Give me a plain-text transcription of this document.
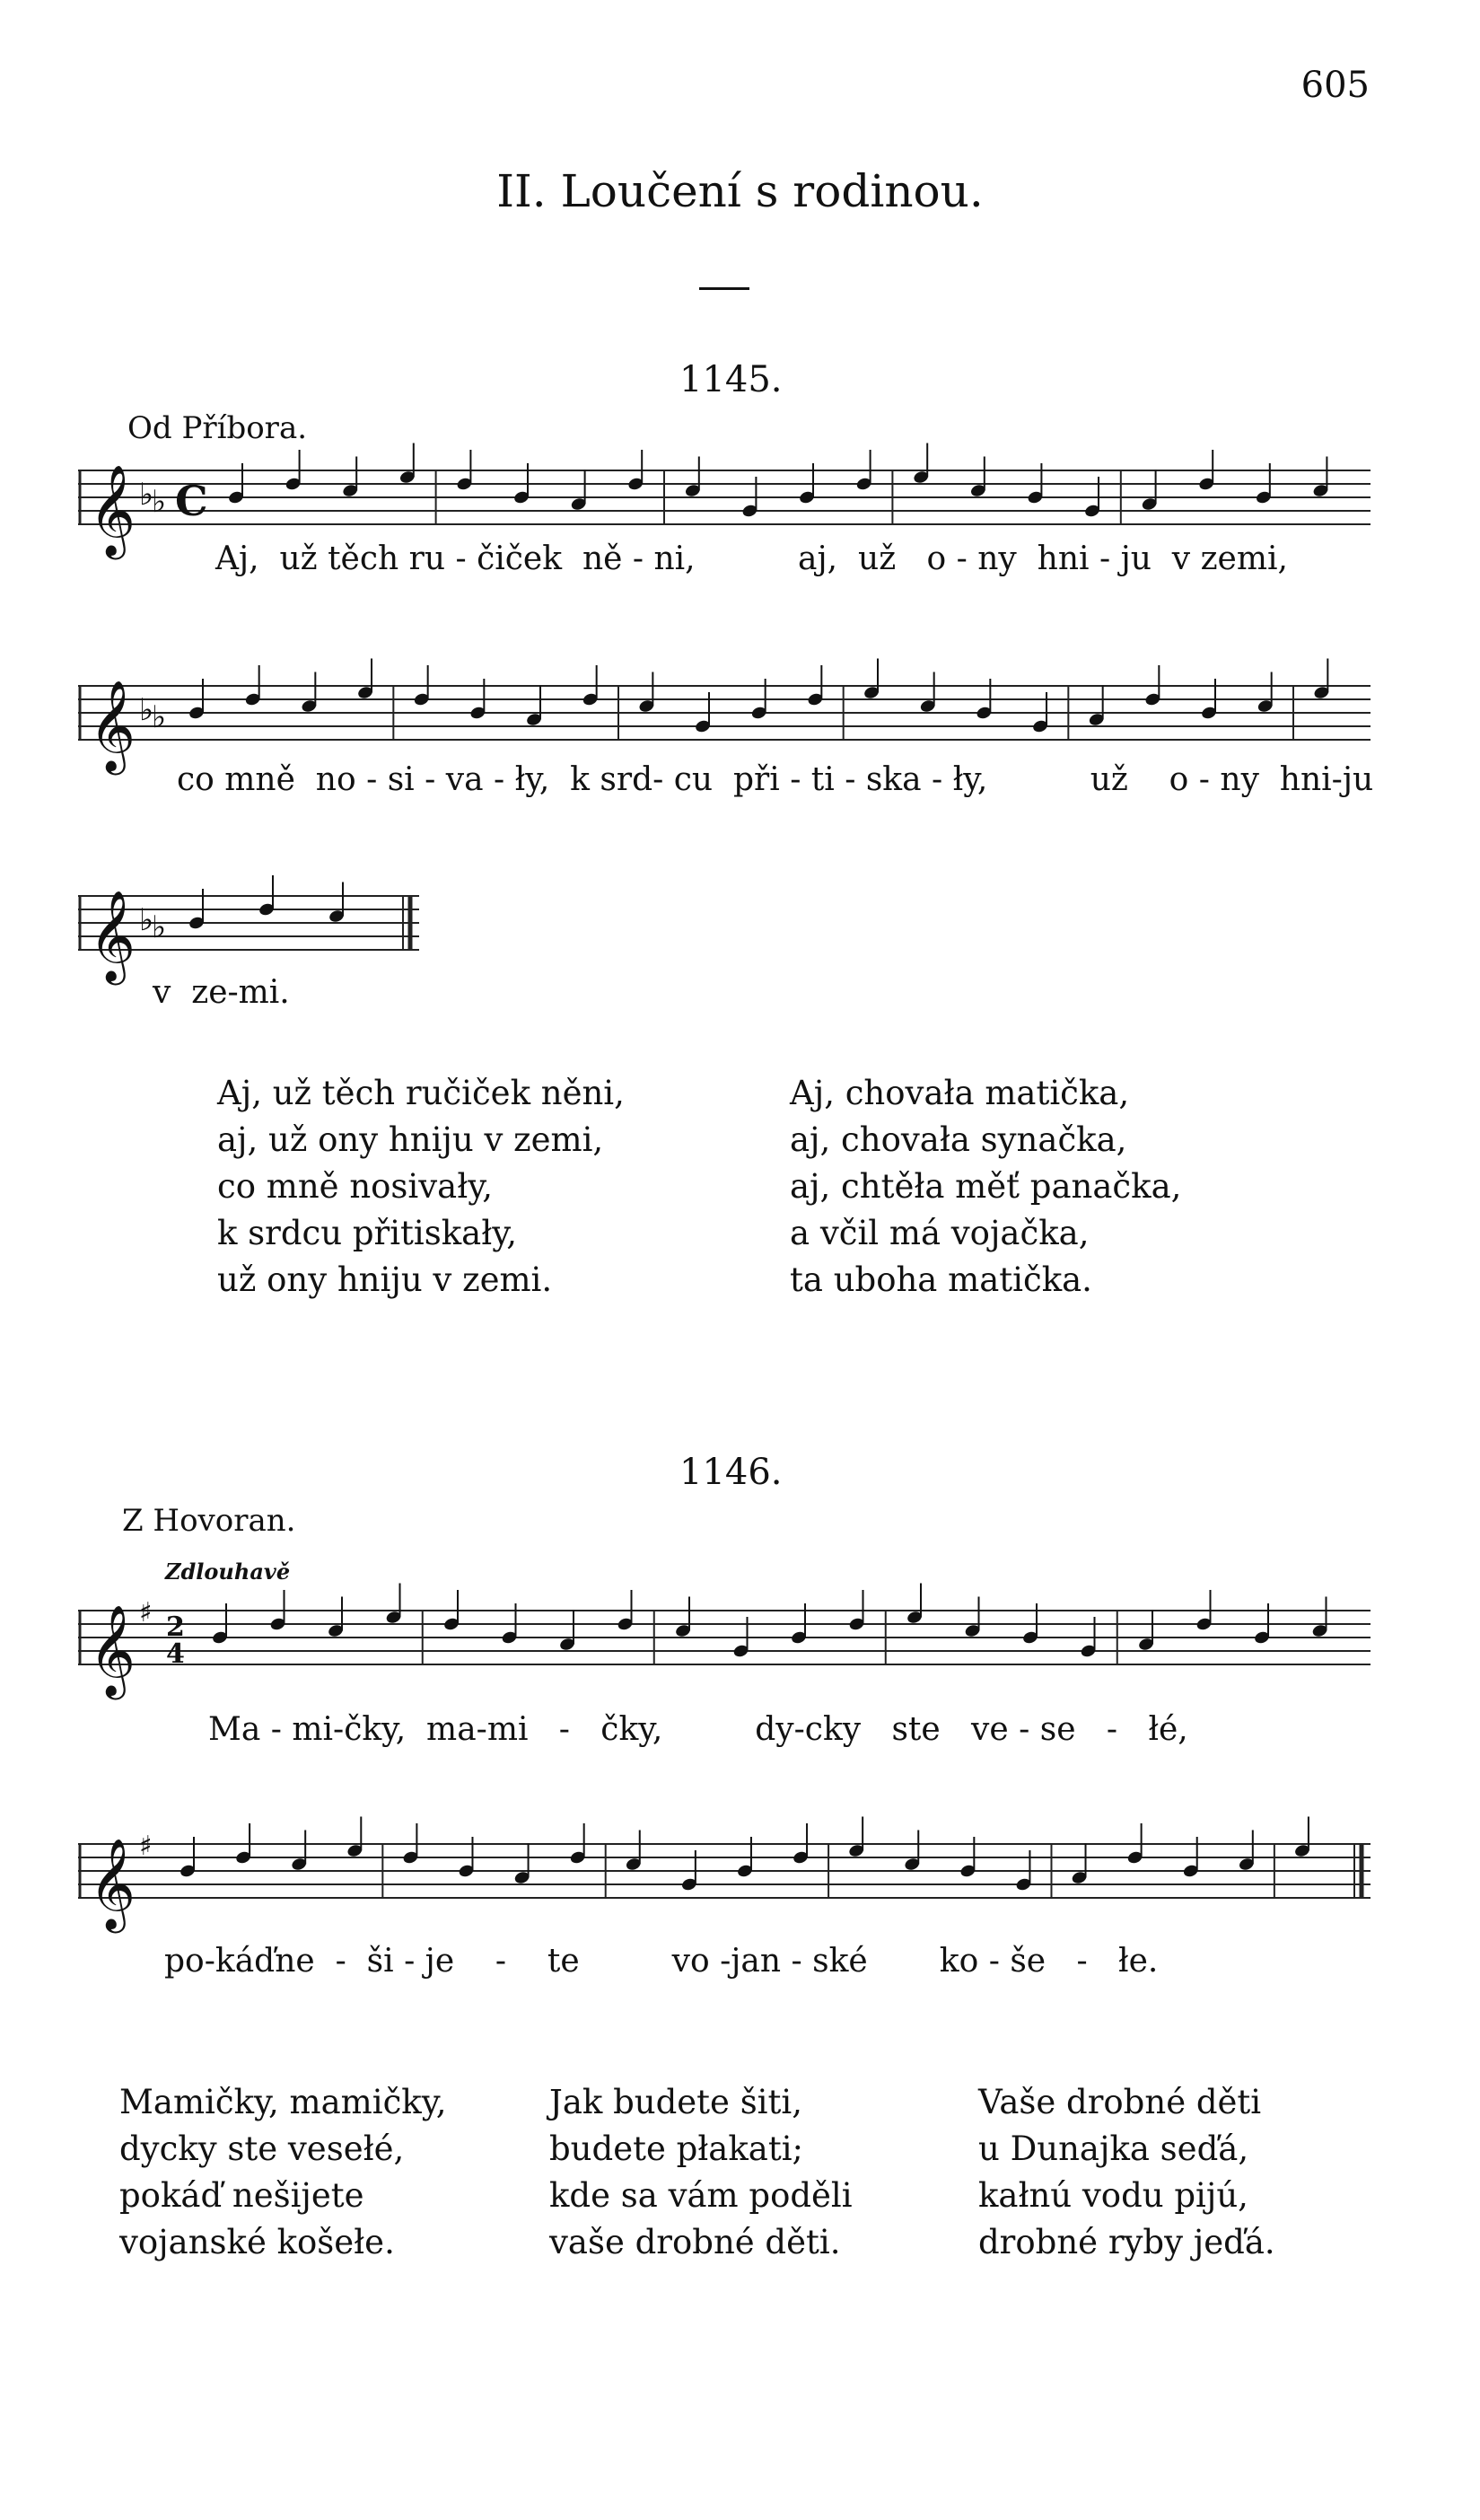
605
II. Loučení s rodinou.
1145.
Od Příbora.
𝄞 ♭
♭ C
Aj,  už těch ru - čiček  ně - ni,          aj,  už   o - ny  hni - ju  v zemi,
𝄞 ♭
♭
co mně  no - si - va - ły,  k srd- cu  při - ti - ska - ły,          už    o - ny  hni-ju
𝄞 ♭
♭
v  ze-mi.
Aj, už těch ručiček něni,
aj, už ony hniju v zemi,
co mně nosivały,
k srdcu přitiskały,
už ony hniju v zemi.
Aj, chovała matička,
aj, chovała synačka,
aj, chtěła měť panačka,
a včil má vojačka,
ta uboha matička.
1146.
Z Hovoran.
Zdlouhavě
𝄞 ♯ 2
4
Ma - mi-čky,  ma-mi   -   čky,         dy-cky   ste   ve - se   -   łé,
𝄞 ♯
po-káďne  -  ši - je    -    te         vo -jan - ské       ko - še   -   łe.
Mamičky, mamičky,
dycky ste vesełé,
pokáď nešijete
vojanské košełe.
Jak budete šiti,
budete płakati;
kde sa vám poděli
vaše drobné děti.
Vaše drobné děti
u Dunajka seďá,
kałnú vodu pijú,
drobné ryby jeďá.
